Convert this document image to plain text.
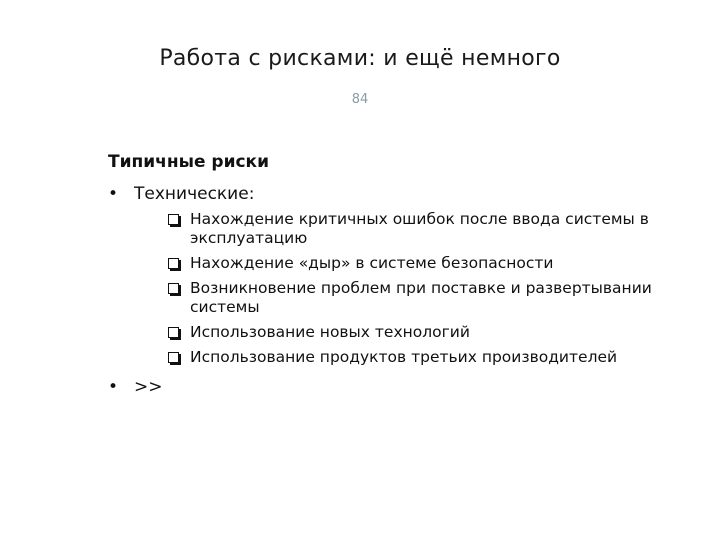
Работа с рисками: и ещё немного
84
Типичные риски
• Технические:
Нахождение критичных ошибок после ввода системы в эксплуатацию
Нахождение «дыр» в системе безопасности
Возникновение проблем при поставке и развертывании системы
Использование новых технологий
Использование продуктов третьих производителей
• >>
